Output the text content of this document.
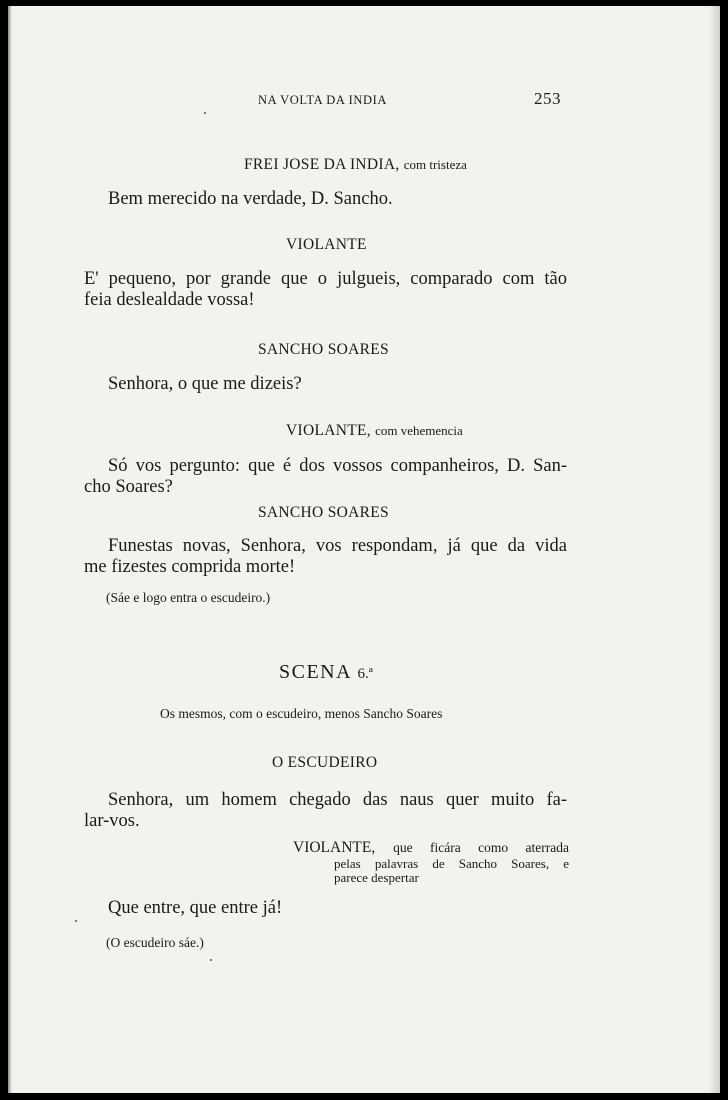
NA VOLTA DA INDIA	253
FREI JOSE DA INDIA, com tristeza
Bem merecido na verdade, D. Sancho.
VIOLANTE
E' pequeno, por grande que o julgueis, comparado com tão
feia deslealdade vossa!
SANCHO SOARES
Senhora, o que me dizeis?
VIOLANTE, com vehemencia
Só vos pergunto: que é dos vossos companheiros, D. San-
cho Soares?
SANCHO SOARES
Funestas novas, Senhora, vos respondam, já que da vida
me fizestes comprida morte!
(Sáe e logo entra o escudeiro.)
SCENA 6.ª
Os mesmos, com o escudeiro, menos Sancho Soares
O ESCUDEIRO
Senhora, um homem chegado das naus quer muito fa-
lar-vos.
VIOLANTE, que ficára como aterrada
pelas palavras de Sancho Soares, e
parece despertar
Que entre, que entre já!
(O escudeiro sáe.)
